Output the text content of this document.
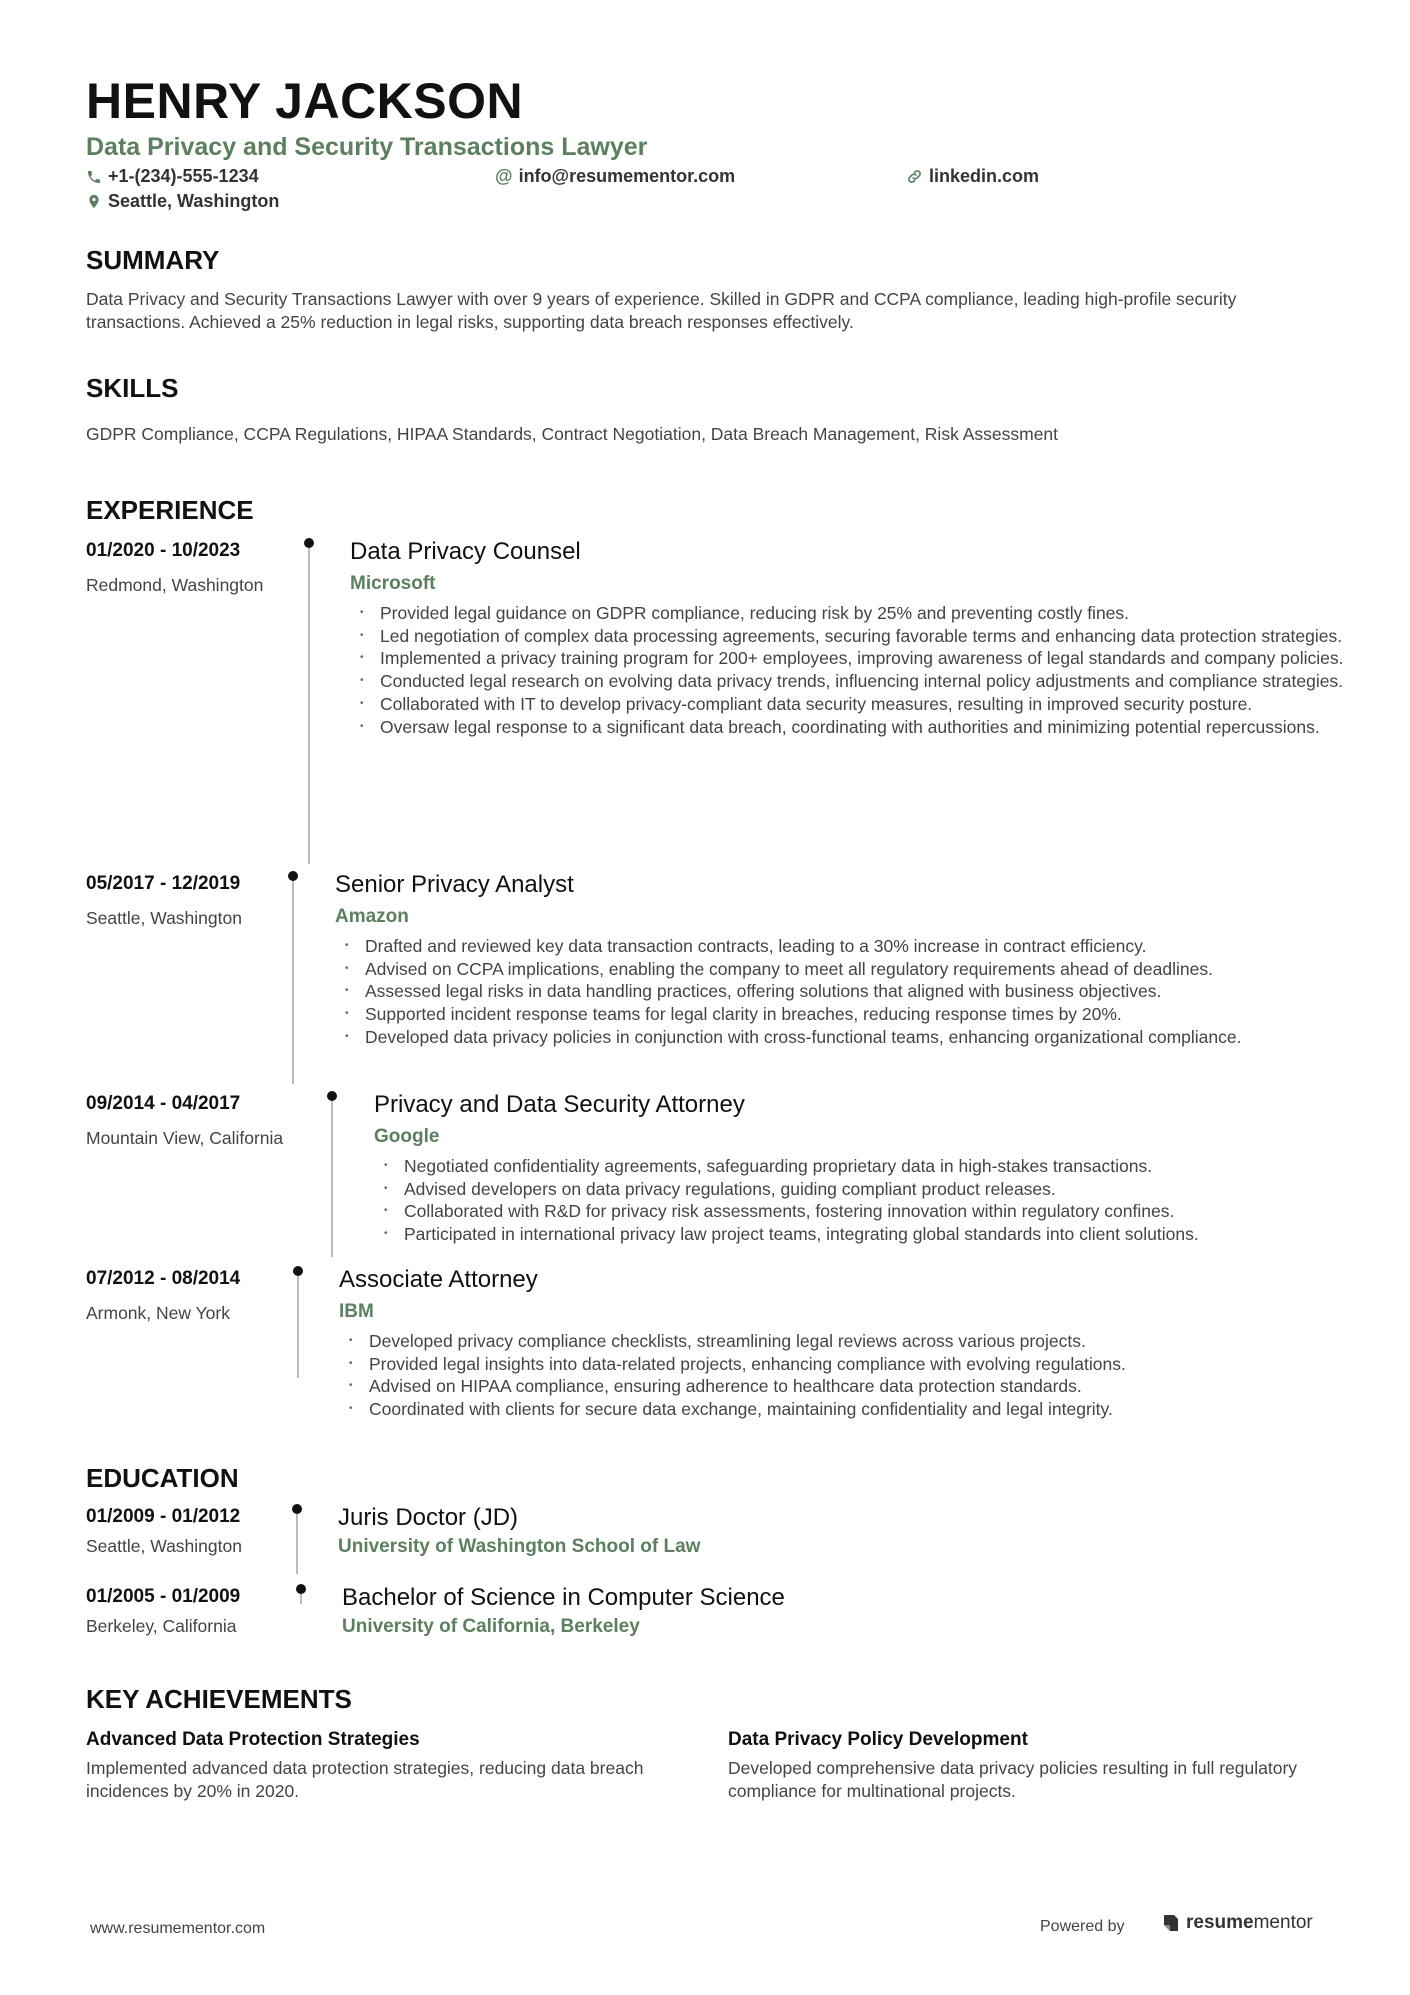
HENRY JACKSON
Data Privacy and Security Transactions Lawyer
+1-(234)-555-1234	@ info@resumementor.com	linkedin.com
Seattle, Washington
SUMMARY
Data Privacy and Security Transactions Lawyer with over 9 years of experience. Skilled in GDPR and CCPA compliance, leading high-profile security transactions. Achieved a 25% reduction in legal risks, supporting data breach responses effectively.
SKILLS
GDPR Compliance, CCPA Regulations, HIPAA Standards, Contract Negotiation, Data Breach Management, Risk Assessment
EXPERIENCE
01/2020 - 10/2023
Redmond, Washington
Data Privacy Counsel
Microsoft
• Provided legal guidance on GDPR compliance, reducing risk by 25% and preventing costly fines.
• Led negotiation of complex data processing agreements, securing favorable terms and enhancing data protection strategies.
• Implemented a privacy training program for 200+ employees, improving awareness of legal standards and company policies.
• Conducted legal research on evolving data privacy trends, influencing internal policy adjustments and compliance strategies.
• Collaborated with IT to develop privacy-compliant data security measures, resulting in improved security posture.
• Oversaw legal response to a significant data breach, coordinating with authorities and minimizing potential repercussions.
05/2017 - 12/2019
Seattle, Washington
Senior Privacy Analyst
Amazon
• Drafted and reviewed key data transaction contracts, leading to a 30% increase in contract efficiency.
• Advised on CCPA implications, enabling the company to meet all regulatory requirements ahead of deadlines.
• Assessed legal risks in data handling practices, offering solutions that aligned with business objectives.
• Supported incident response teams for legal clarity in breaches, reducing response times by 20%.
• Developed data privacy policies in conjunction with cross-functional teams, enhancing organizational compliance.
09/2014 - 04/2017
Mountain View, California
Privacy and Data Security Attorney
Google
• Negotiated confidentiality agreements, safeguarding proprietary data in high-stakes transactions.
• Advised developers on data privacy regulations, guiding compliant product releases.
• Collaborated with R&D for privacy risk assessments, fostering innovation within regulatory confines.
• Participated in international privacy law project teams, integrating global standards into client solutions.
07/2012 - 08/2014
Armonk, New York
Associate Attorney
IBM
• Developed privacy compliance checklists, streamlining legal reviews across various projects.
• Provided legal insights into data-related projects, enhancing compliance with evolving regulations.
• Advised on HIPAA compliance, ensuring adherence to healthcare data protection standards.
• Coordinated with clients for secure data exchange, maintaining confidentiality and legal integrity.
EDUCATION
01/2009 - 01/2012
Seattle, Washington
Juris Doctor (JD)
University of Washington School of Law
01/2005 - 01/2009
Berkeley, California
Bachelor of Science in Computer Science
University of California, Berkeley
KEY ACHIEVEMENTS
Advanced Data Protection Strategies
Implemented advanced data protection strategies, reducing data breach incidences by 20% in 2020.
Data Privacy Policy Development
Developed comprehensive data privacy policies resulting in full regulatory compliance for multinational projects.
www.resumementor.com	Powered by	resume mentor
